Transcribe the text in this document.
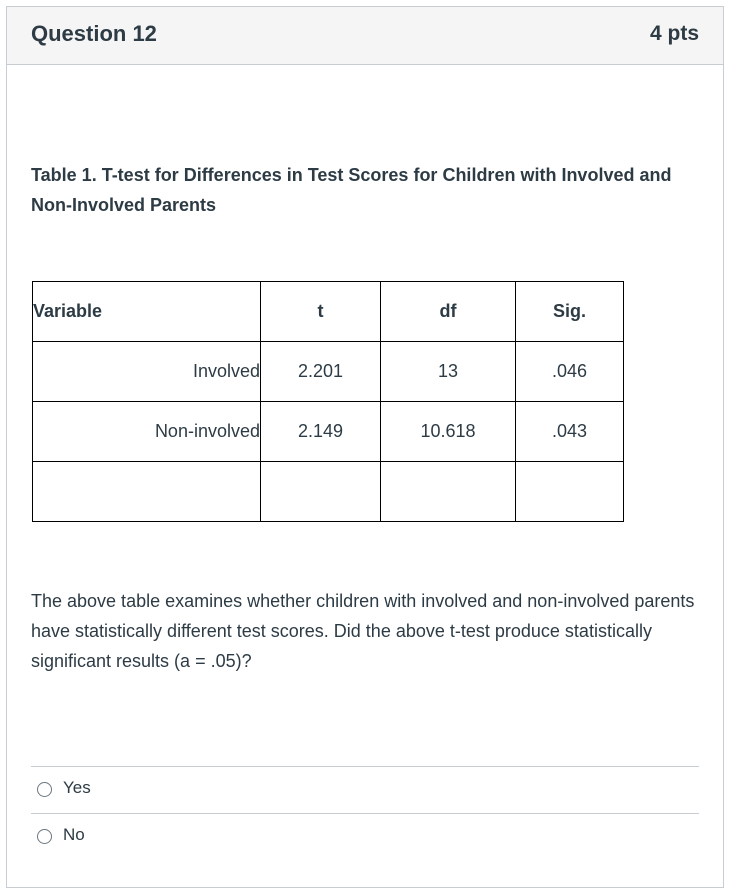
Question 12	4 pts
Table 1. T-test for Differences in Test Scores for Children with Involved and Non-Involved Parents
Variable	t	df	Sig.
Involved	2.201	13	.046
Non-involved	2.149	10.618	.043

The above table examines whether children with involved and non-involved parents have statistically different test scores. Did the above t-test produce statistically significant results (a = .05)?
Yes
No
